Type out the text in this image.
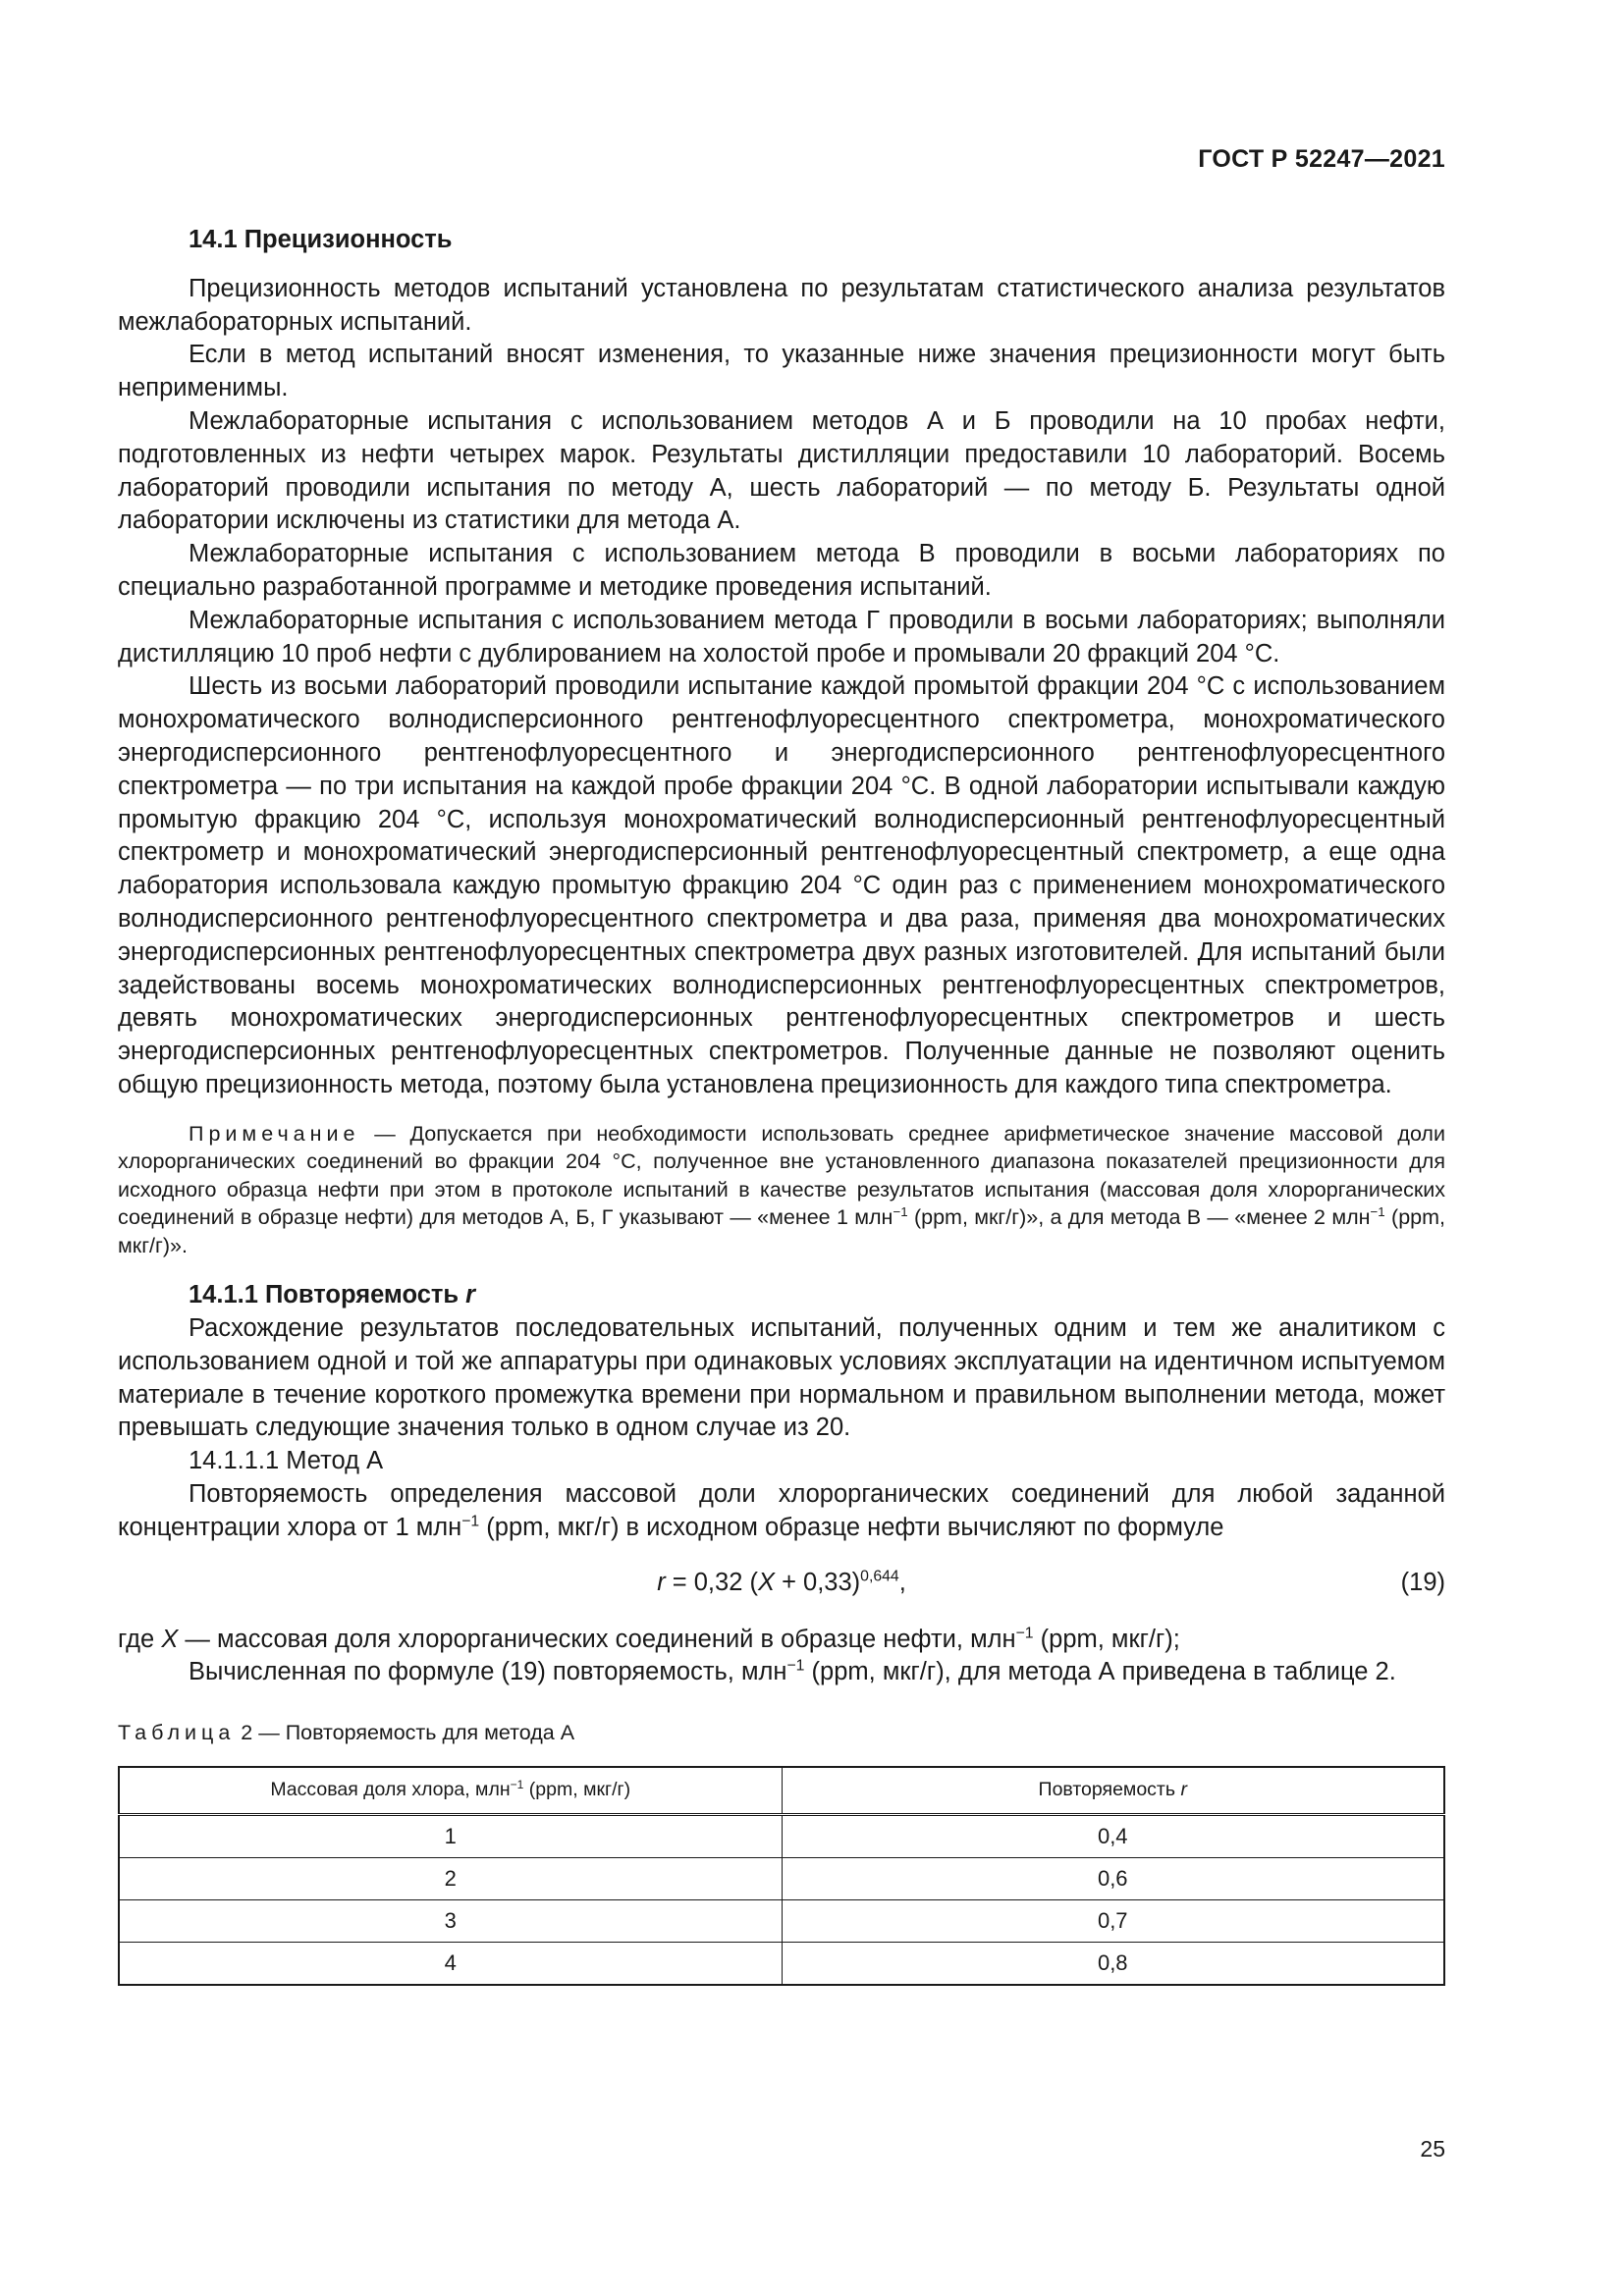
ГОСТ Р 52247—2021
14.1 Прецизионность

Прецизионность методов испытаний установлена по результатам статистического анализа результатов межлабораторных испытаний.

Если в метод испытаний вносят изменения, то указанные ниже значения прецизионности могут быть неприменимы.

Межлабораторные испытания с использованием методов А и Б проводили на 10 пробах нефти, подготовленных из нефти четырех марок. Результаты дистилляции предоставили 10 лабораторий. Восемь лабораторий проводили испытания по методу А, шесть лабораторий — по методу Б. Результаты одной лаборатории исключены из статистики для метода А.

Межлабораторные испытания с использованием метода В проводили в восьми лабораториях по специально разработанной программе и методике проведения испытаний.

Межлабораторные испытания с использованием метода Г проводили в восьми лабораториях; выполняли дистилляцию 10 проб нефти с дублированием на холостой пробе и промывали 20 фракций 204 °С.

Шесть из восьми лабораторий проводили испытание каждой промытой фракции 204 °С с использованием монохроматического волнодисперсионного рентгенофлуоресцентного спектрометра, монохроматического энергодисперсионного рентгенофлуоресцентного и энергодисперсионного рентгенофлуоресцентного спектрометра — по три испытания на каждой пробе фракции 204 °С. В одной лаборатории испытывали каждую промытую фракцию 204 °С, используя монохроматический волнодисперсионный рентгенофлуоресцентный спектрометр и монохроматический энергодисперсионный рентгенофлуоресцентный спектрометр, а еще одна лаборатория использовала каждую промытую фракцию 204 °С один раз с применением монохроматического волнодисперсионного рентгенофлуоресцентного спектрометра и два раза, применяя два монохроматических энергодисперсионных рентгенофлуоресцентных спектрометра двух разных изготовителей. Для испытаний были задействованы восемь монохроматических волнодисперсионных рентгенофлуоресцентных спектрометров, девять монохроматических энергодисперсионных рентгенофлуоресцентных спектрометров и шесть энергодисперсионных рентгенофлуоресцентных спектрометров. Полученные данные не позволяют оценить общую прецизионность метода, поэтому была установлена прецизионность для каждого типа спектрометра.

Примечание — Допускается при необходимости использовать среднее арифметическое значение массовой доли хлорорганических соединений во фракции 204 °С, полученное вне установленного диапазона показателей прецизионности для исходного образца нефти при этом в протоколе испытаний в качестве результатов испытания (массовая доля хлорорганических соединений в образце нефти) для методов А, Б, Г указывают — «менее 1 млн$^{-1}$ (ppm, мкг/г)», а для метода В — «менее 2 млн$^{-1}$ (ppm, мкг/г)».

14.1.1 Повторяемость r

Расхождение результатов последовательных испытаний, полученных одним и тем же аналитиком с использованием одной и той же аппаратуры при одинаковых условиях эксплуатации на идентичном испытуемом материале в течение короткого промежутка времени при нормальном и правильном выполнении метода, может превышать следующие значения только в одном случае из 20.

14.1.1.1 Метод А

Повторяемость определения массовой доли хлорорганических соединений для любой заданной концентрации хлора от 1 млн$^{-1}$ (ppm, мкг/г) в исходном образце нефти вычисляют по формуле

r = 0,32 $(X + 0,33)^{0,644}$,	(19)

где X — массовая доля хлорорганических соединений в образце нефти, млн$^{-1}$ (ppm, мкг/г);

Вычисленная по формуле (19) повторяемость, млн$^{-1}$ (ppm, мкг/г), для метода А приведена в таблице 2.

Таблица 2 — Повторяемость для метода А
Массовая доля хлора, млн$^{-1}$ (ppm, мкг/г)	Повторяемость r
1	0,4
2	0,6
3	0,7
4	0,8
25
